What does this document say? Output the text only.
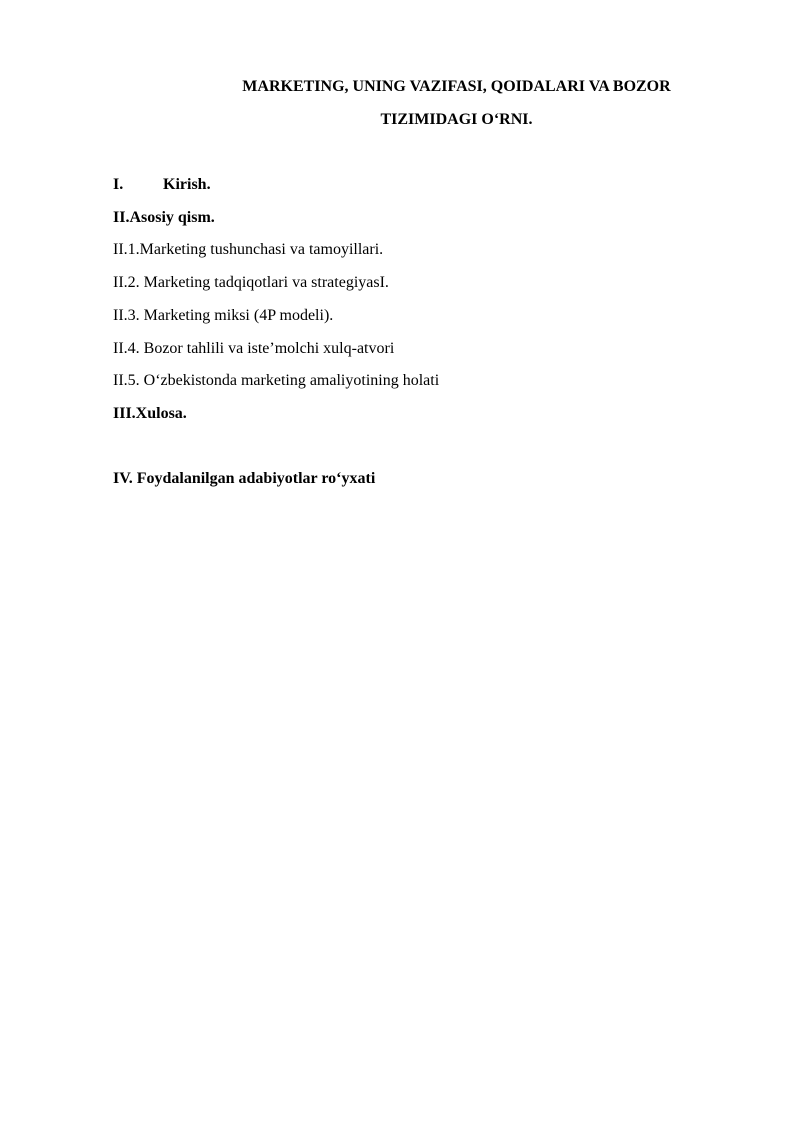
MARKETING, UNING VAZIFASI, QOIDALARI VA BOZOR
TIZIMIDAGI O‘RNI.
I. Kirish.
II.Asosiy qism.
II.1.Marketing tushunchasi va tamoyillari.
II.2. Marketing tadqiqotlari va strategiyasI.
II.3. Marketing miksi (4P modeli).
II.4. Bozor tahlili va iste’molchi xulq-atvori
II.5. O‘zbekistonda marketing amaliyotining holati
III.Xulosa.
IV. Foydalanilgan adabiyotlar ro‘yxati
